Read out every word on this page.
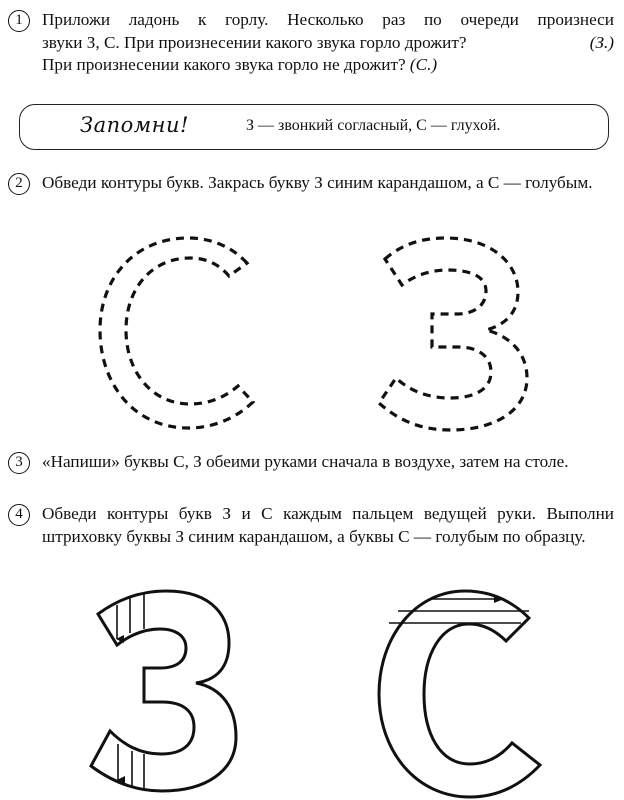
1	Приложи ладонь к горлу. Несколько раз по очереди произнеси
звуки З, С. При произнесении какого звука горло дрожит?	(З.)
При произнесении какого звука горло не дрожит? (С.)
Запомни!	З — звонкий согласный, С — глухой.
2	Обведи контуры букв. Закрась букву З синим карандашом, а С — голубым.
3	«Напиши» буквы С, З обеими руками сначала в воздухе, затем на столе.
4	Обведи контуры букв З и С каждым пальцем ведущей руки. Выполни штриховку буквы З синим карандашом, а буквы С — голубым по образцу.
